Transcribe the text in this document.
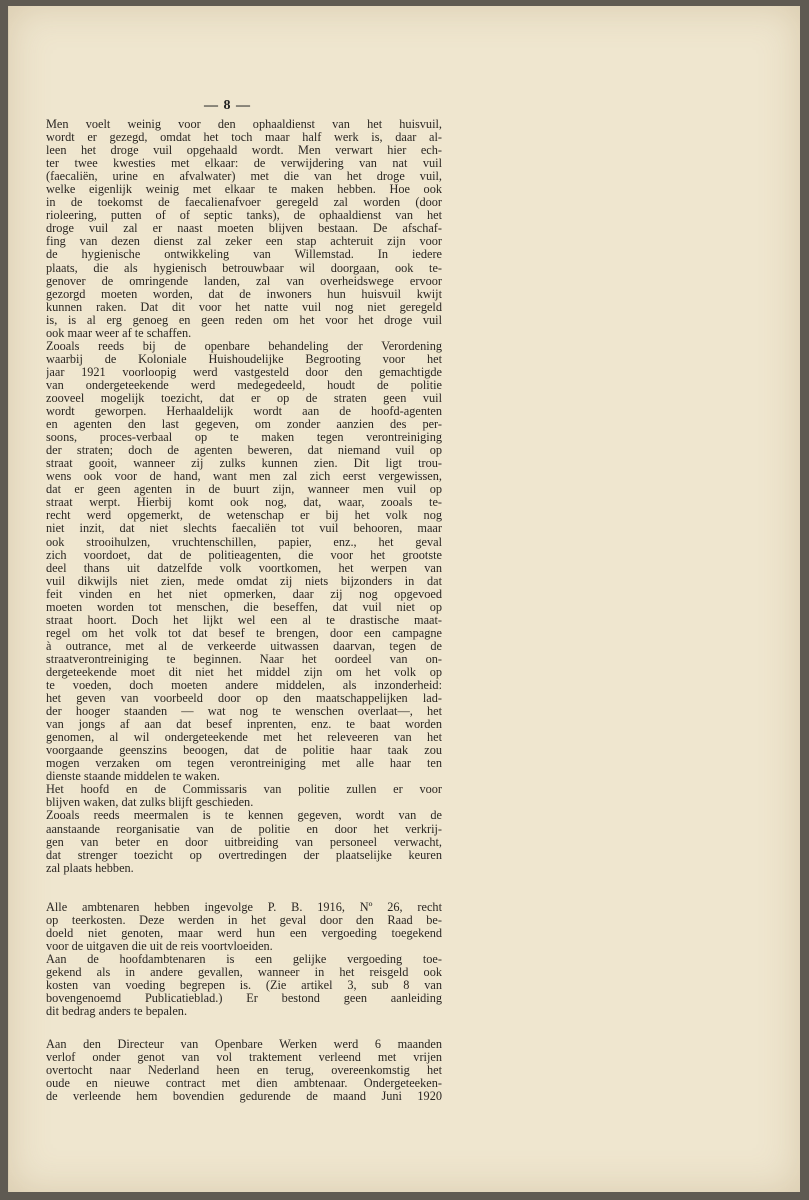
— 8 —

Men voelt weinig voor den ophaaldienst van het huisvuil,
wordt er gezegd, omdat het toch maar half werk is, daar al-
leen het droge vuil opgehaald wordt. Men verwart hier ech-
ter twee kwesties met elkaar: de verwijdering van nat vuil
(faecaliën, urine en afvalwater) met die van het droge vuil,
welke eigenlijk weinig met elkaar te maken hebben. Hoe ook
in de toekomst de faecalienafvoer geregeld zal worden (door
rioleering, putten of of septic tanks), de ophaaldienst van het
droge vuil zal er naast moeten blijven bestaan. De afschaf-
fing van dezen dienst zal zeker een stap achteruit zijn voor
de hygienische ontwikkeling van Willemstad. In iedere
plaats, die als hygienisch betrouwbaar wil doorgaan, ook te-
genover de omringende landen, zal van overheidswege ervoor
gezorgd moeten worden, dat de inwoners hun huisvuil kwijt
kunnen raken. Dat dit voor het natte vuil nog niet geregeld
is, is al erg genoeg en geen reden om het voor het droge vuil
ook maar weer af te schaffen.
Zooals reeds bij de openbare behandeling der Verordening
waarbij de Koloniale Huishoudelijke Begrooting voor het
jaar 1921 voorloopig werd vastgesteld door den gemachtigde
van ondergeteekende werd medegedeeld, houdt de politie
zooveel mogelijk toezicht, dat er op de straten geen vuil
wordt geworpen. Herhaaldelijk wordt aan de hoofd-agenten
en agenten den last gegeven, om zonder aanzien des per-
soons, proces-verbaal op te maken tegen verontreiniging
der straten; doch de agenten beweren, dat niemand vuil op
straat gooit, wanneer zij zulks kunnen zien. Dit ligt trou-
wens ook voor de hand, want men zal zich eerst vergewissen,
dat er geen agenten in de buurt zijn, wanneer men vuil op
straat werpt. Hierbij komt ook nog, dat, waar, zooals te-
recht werd opgemerkt, de wetenschap er bij het volk nog
niet inzit, dat niet slechts faecaliën tot vuil behooren, maar
ook strooihulzen, vruchtenschillen, papier, enz., het geval
zich voordoet, dat de politieagenten, die voor het grootste
deel thans uit datzelfde volk voortkomen, het werpen van
vuil dikwijls niet zien, mede omdat zij niets bijzonders in dat
feit vinden en het niet opmerken, daar zij nog opgevoed
moeten worden tot menschen, die beseffen, dat vuil niet op
straat hoort. Doch het lijkt wel een al te drastische maat-
regel om het volk tot dat besef te brengen, door een campagne
à outrance, met al de verkeerde uitwassen daarvan, tegen de
straatverontreiniging te beginnen. Naar het oordeel van on-
dergeteekende moet dit niet het middel zijn om het volk op
te voeden, doch moeten andere middelen, als inzonderheid:
het geven van voorbeeld door op den maatschappelijken lad-
der hooger staanden — wat nog te wenschen overlaat—, het
van jongs af aan dat besef inprenten, enz. te baat worden
genomen, al wil ondergeteekende met het releveeren van het
voorgaande geenszins beoogen, dat de politie haar taak zou
mogen verzaken om tegen verontreiniging met alle haar ten
dienste staande middelen te waken.
Het hoofd en de Commissaris van politie zullen er voor
blijven waken, dat zulks blijft geschieden.
Zooals reeds meermalen is te kennen gegeven, wordt van de
aanstaande reorganisatie van de politie en door het verkrij-
gen van beter en door uitbreiding van personeel verwacht,
dat strenger toezicht op overtredingen der plaatselijke keuren
zal plaats hebben.

Alle ambtenaren hebben ingevolge P. B. 1916, Nº 26, recht
op teerkosten. Deze werden in het geval door den Raad be-
doeld niet genoten, maar werd hun een vergoeding toegekend
voor de uitgaven die uit de reis voortvloeiden.
Aan de hoofdambtenaren is een gelijke vergoeding toe-
gekend als in andere gevallen, wanneer in het reisgeld ook
kosten van voeding begrepen is. (Zie artikel 3, sub 8 van
bovengenoemd Publicatieblad.) Er bestond geen aanleiding
dit bedrag anders te bepalen.

Aan den Directeur van Openbare Werken werd 6 maanden
verlof onder genot van vol traktement verleend met vrijen
overtocht naar Nederland heen en terug, overeenkomstig het
oude en nieuwe contract met dien ambtenaar. Ondergeteeken-
de verleende hem bovendien gedurende de maand Juni 1920
